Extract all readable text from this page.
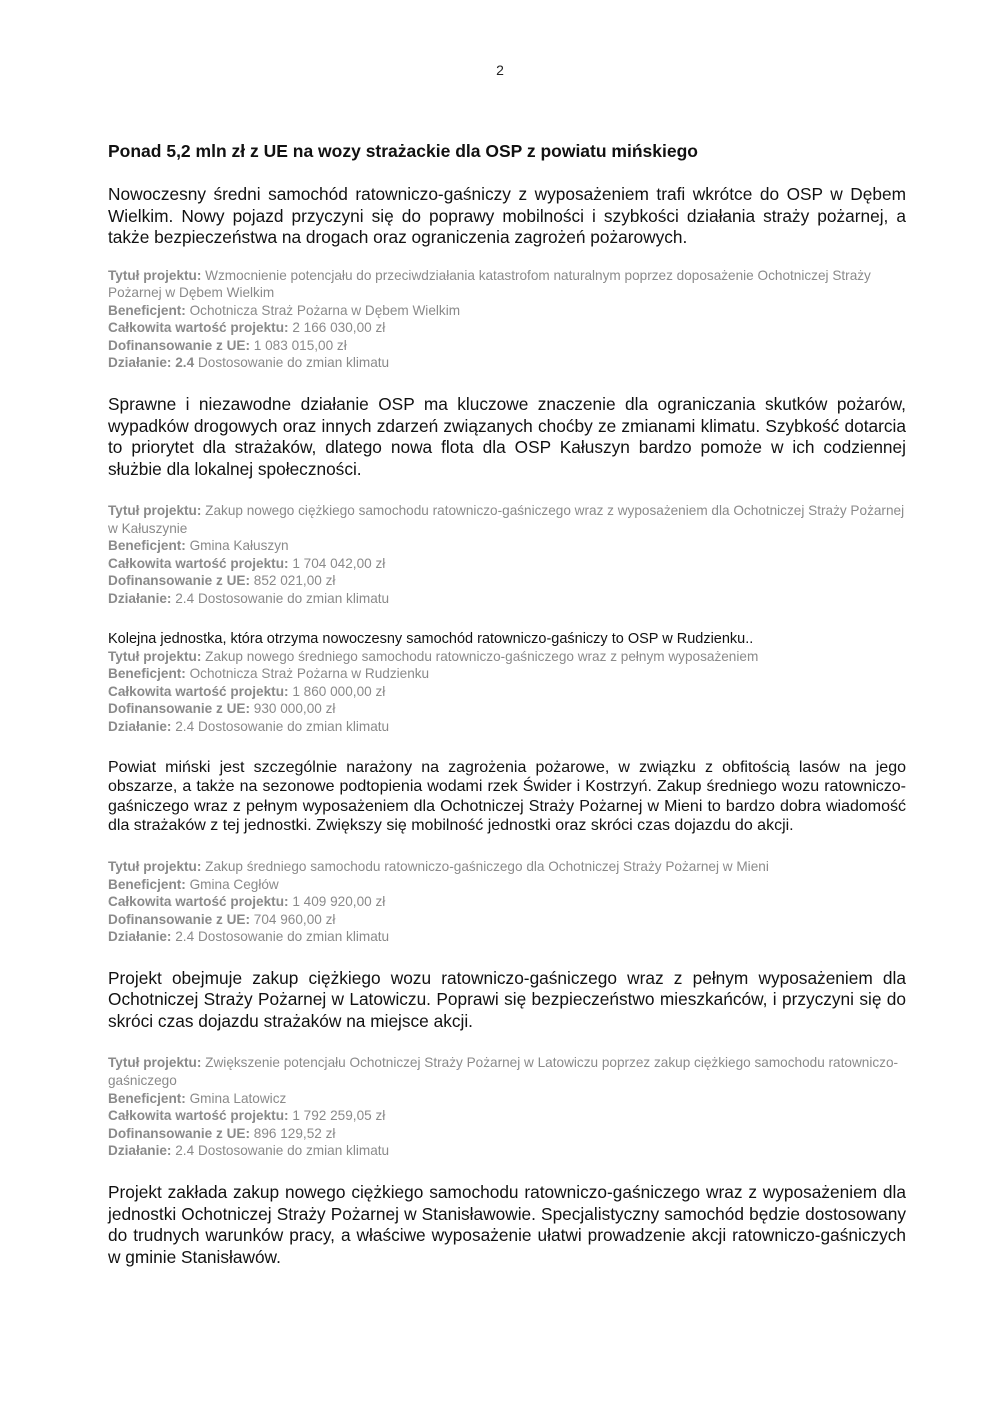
2
Ponad 5,2 mln zł z UE na wozy strażackie dla OSP z powiatu mińskiego

Nowoczesny średni samochód ratowniczo-gaśniczy z wyposażeniem trafi wkrótce do OSP w Dębem Wielkim. Nowy pojazd przyczyni się do poprawy mobilności i szybkości działania straży pożarnej, a także bezpieczeństwa na drogach oraz ograniczenia zagrożeń pożarowych.

Tytuł projektu: Wzmocnienie potencjału do przeciwdziałania katastrofom naturalnym poprzez doposażenie Ochotniczej Straży Pożarnej w Dębem Wielkim
Beneficjent: Ochotnicza Straż Pożarna w Dębem Wielkim
Całkowita wartość projektu: 2 166 030,00 zł
Dofinansowanie z UE: 1 083 015,00 zł
Działanie: 2.4 Dostosowanie do zmian klimatu

Sprawne i niezawodne działanie OSP ma kluczowe znaczenie dla ograniczania skutków pożarów, wypadków drogowych oraz innych zdarzeń związanych choćby ze zmianami klimatu. Szybkość dotarcia to priorytet dla strażaków, dlatego nowa flota dla OSP Kałuszyn bardzo pomoże w ich codziennej służbie dla lokalnej społeczności.

Tytuł projektu: Zakup nowego ciężkiego samochodu ratowniczo-gaśniczego wraz z wyposażeniem dla Ochotniczej Straży Pożarnej w Kałuszynie
Beneficjent: Gmina Kałuszyn
Całkowita wartość projektu: 1 704 042,00 zł
Dofinansowanie z UE: 852 021,00 zł
Działanie: 2.4 Dostosowanie do zmian klimatu

Kolejna jednostka, która otrzyma nowoczesny samochód ratowniczo-gaśniczy to OSP w Rudzienku..

Tytuł projektu: Zakup nowego średniego samochodu ratowniczo-gaśniczego wraz z pełnym wyposażeniem
Beneficjent: Ochotnicza Straż Pożarna w Rudzienku
Całkowita wartość projektu: 1 860 000,00 zł
Dofinansowanie z UE: 930 000,00 zł
Działanie: 2.4 Dostosowanie do zmian klimatu

Powiat miński jest szczególnie narażony na zagrożenia pożarowe, w związku z obfitością lasów na jego obszarze, a także na sezonowe podtopienia wodami rzek Świder i Kostrzyń. Zakup średniego wozu ratowniczo-gaśniczego wraz z pełnym wyposażeniem dla Ochotniczej Straży Pożarnej w Mieni to bardzo dobra wiadomość dla strażaków z tej jednostki. Zwiększy się mobilność jednostki oraz skróci czas dojazdu do akcji.

Tytuł projektu: Zakup średniego samochodu ratowniczo-gaśniczego dla Ochotniczej Straży Pożarnej w Mieni
Beneficjent: Gmina Cegłów
Całkowita wartość projektu: 1 409 920,00 zł
Dofinansowanie z UE: 704 960,00 zł
Działanie: 2.4 Dostosowanie do zmian klimatu

Projekt obejmuje zakup ciężkiego wozu ratowniczo-gaśniczego wraz z pełnym wyposażeniem dla Ochotniczej Straży Pożarnej w Latowiczu. Poprawi się bezpieczeństwo mieszkańców, i przyczyni się do skróci czas dojazdu strażaków na miejsce akcji.

Tytuł projektu: Zwiększenie potencjału Ochotniczej Straży Pożarnej w Latowiczu poprzez zakup ciężkiego samochodu ratowniczo-gaśniczego
Beneficjent: Gmina Latowicz
Całkowita wartość projektu: 1 792 259,05 zł
Dofinansowanie z UE: 896 129,52 zł
Działanie: 2.4 Dostosowanie do zmian klimatu

Projekt zakłada zakup nowego ciężkiego samochodu ratowniczo-gaśniczego wraz z wyposażeniem dla jednostki Ochotniczej Straży Pożarnej w Stanisławowie. Specjalistyczny samochód będzie dostosowany do trudnych warunków pracy, a właściwe wyposażenie ułatwi prowadzenie akcji ratowniczo-gaśniczych w gminie Stanisławów.
